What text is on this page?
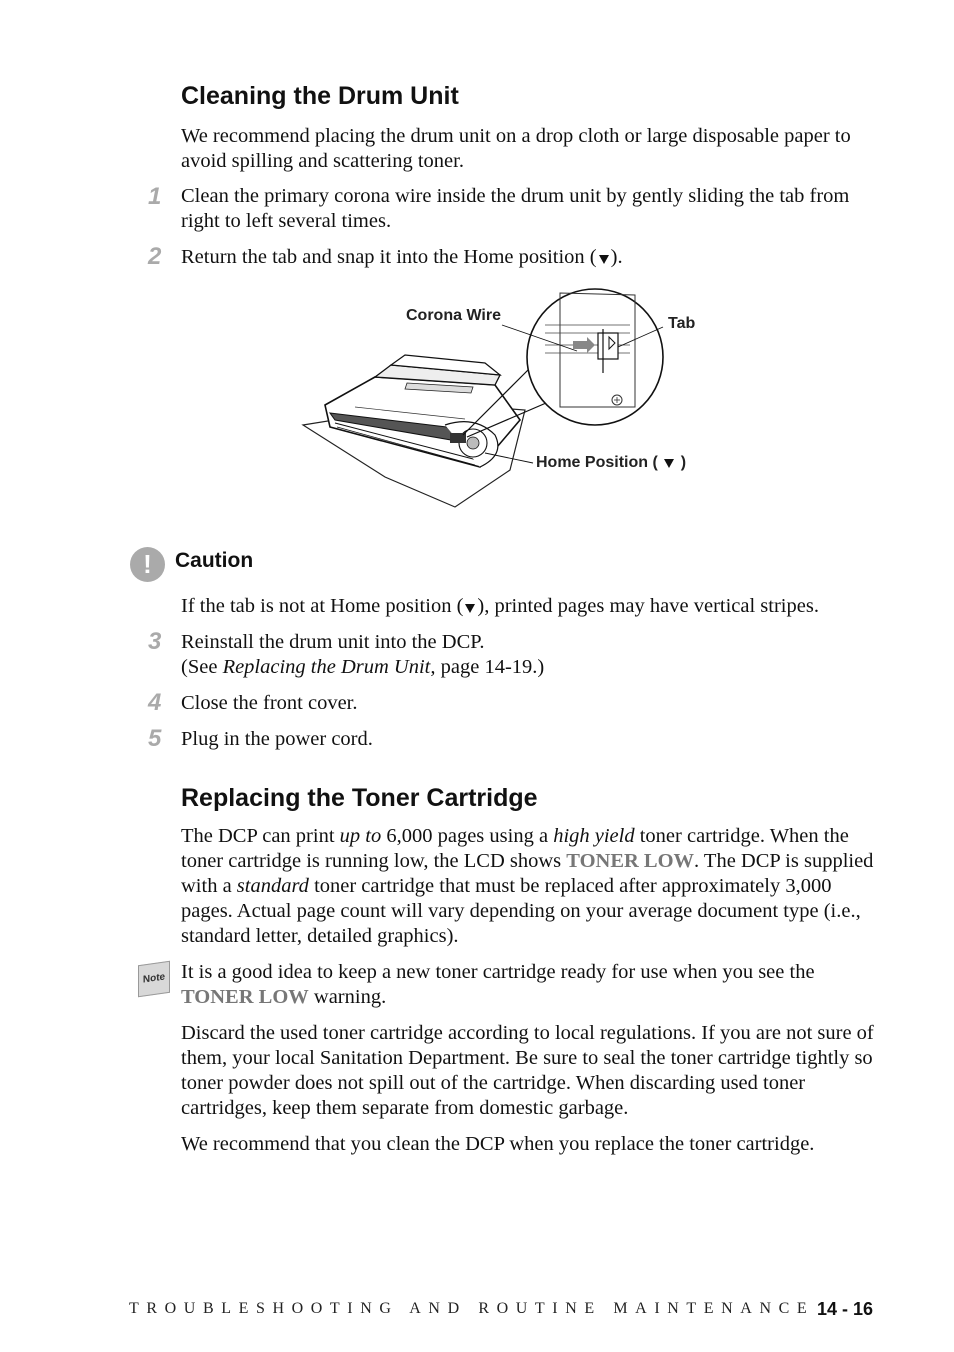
Cleaning the Drum Unit
We recommend placing the drum unit on a drop cloth or large disposable paper to avoid spilling and scattering toner.
1 Clean the primary corona wire inside the drum unit by gently sliding the tab from right to left several times.
2 Return the tab and snap it into the Home position ( ).
Corona Wire	Tab
Home Position ( )
!	Caution
If the tab is not at Home position ( ), printed pages may have vertical stripes.
3 Reinstall the drum unit into the DCP.
(See Replacing the Drum Unit, page 14-19.)
4 Close the front cover.
5 Plug in the power cord.
Replacing the Toner Cartridge
The DCP can print up to 6,000 pages using a high yield toner cartridge. When the toner cartridge is running low, the LCD shows TONER LOW. The DCP is supplied with a standard toner cartridge that must be replaced after approximately 3,000 pages. Actual page count will vary depending on your average document type (i.e., standard letter, detailed graphics).
Note It is a good idea to keep a new toner cartridge ready for use when you see the TONER LOW warning.
Discard the used toner cartridge according to local regulations. If you are not sure of them, your local Sanitation Department. Be sure to seal the toner cartridge tightly so toner powder does not spill out of the cartridge. When discarding used toner cartridges, keep them separate from domestic garbage.
We recommend that you clean the DCP when you replace the toner cartridge.
TROUBLESHOOTING AND ROUTINE MAINTENANCE 14 - 16
